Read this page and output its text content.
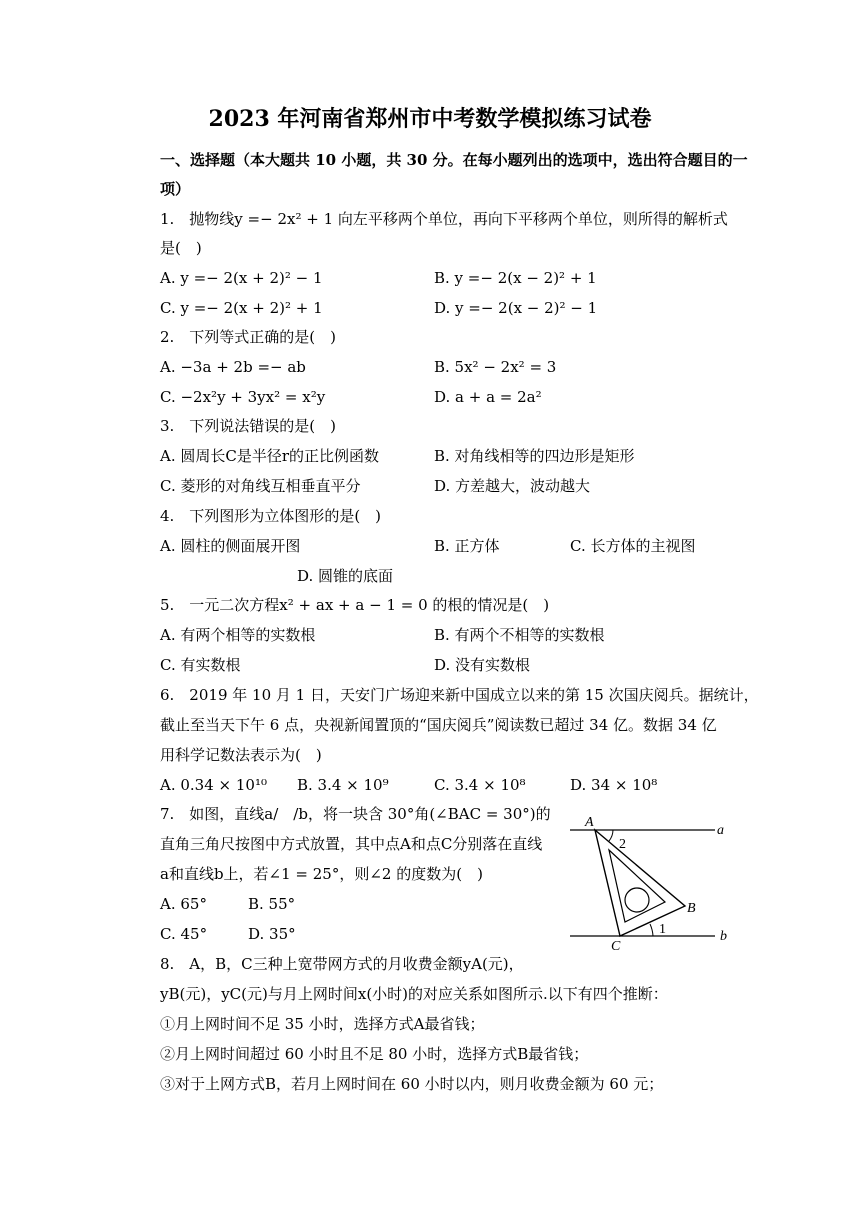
2023 年河南省郑州市中考数学模拟练习试卷
一、选择题（本大题共 10 小题，共 30 分。在每小题列出的选项中，选出符合题目的一
项）
1.　抛物线y =− 2x² + 1 向左平移两个单位，再向下平移两个单位，则所得的解析式
是(　)
A. y =− 2(x + 2)² − 1	B. y =− 2(x − 2)² + 1
C. y =− 2(x + 2)² + 1	D. y =− 2(x − 2)² − 1
2.　下列等式正确的是(　)
A. −3a + 2b =− ab	B. 5x² − 2x² = 3
C. −2x²y + 3yx² = x²y	D. a + a = 2a²
3.　下列说法错误的是(　)
A. 圆周长C是半径r的正比例函数	B. 对角线相等的四边形是矩形
C. 菱形的对角线互相垂直平分	D. 方差越大，波动越大
4.　下列图形为立体图形的是(　)
A. 圆柱的侧面展开图	B. 正方体	C. 长方体的主视图
D. 圆锥的底面
5.　一元二次方程x² + ax + a − 1 = 0 的根的情况是(　)
A. 有两个相等的实数根	B. 有两个不相等的实数根
C. 有实数根	D. 没有实数根
6.　2019 年 10 月 1 日，天安门广场迎来新中国成立以来的第 15 次国庆阅兵。据统计，
截止至当天下午 6 点，央视新闻置顶的“国庆阅兵”阅读数已超过 34 亿。数据 34 亿
用科学记数法表示为(　)
A. 0.34 × 10¹⁰ B. 3.4 × 10⁹	C. 3.4 × 10⁸	D. 34 × 10⁸
7.　如图，直线a/　/b，将一块含 30°角(∠BAC = 30°)的
直角三角尺按图中方式放置，其中点A和点C分别落在直线
a和直线b上，若∠1 = 25°，则∠2 的度数为(　)
A. 65°	B. 55°
C. 45°	D. 35°
A
B
C
a
b
1
2
8.　A，B，C三种上宽带网方式的月收费金额yA(元)，
yB(元)，yC(元)与月上网时间x(小时)的对应关系如图所示.以下有四个推断：
①月上网时间不足 35 小时，选择方式A最省钱；
②月上网时间超过 60 小时且不足 80 小时，选择方式B最省钱；
③对于上网方式B，若月上网时间在 60 小时以内，则月收费金额为 60 元；
